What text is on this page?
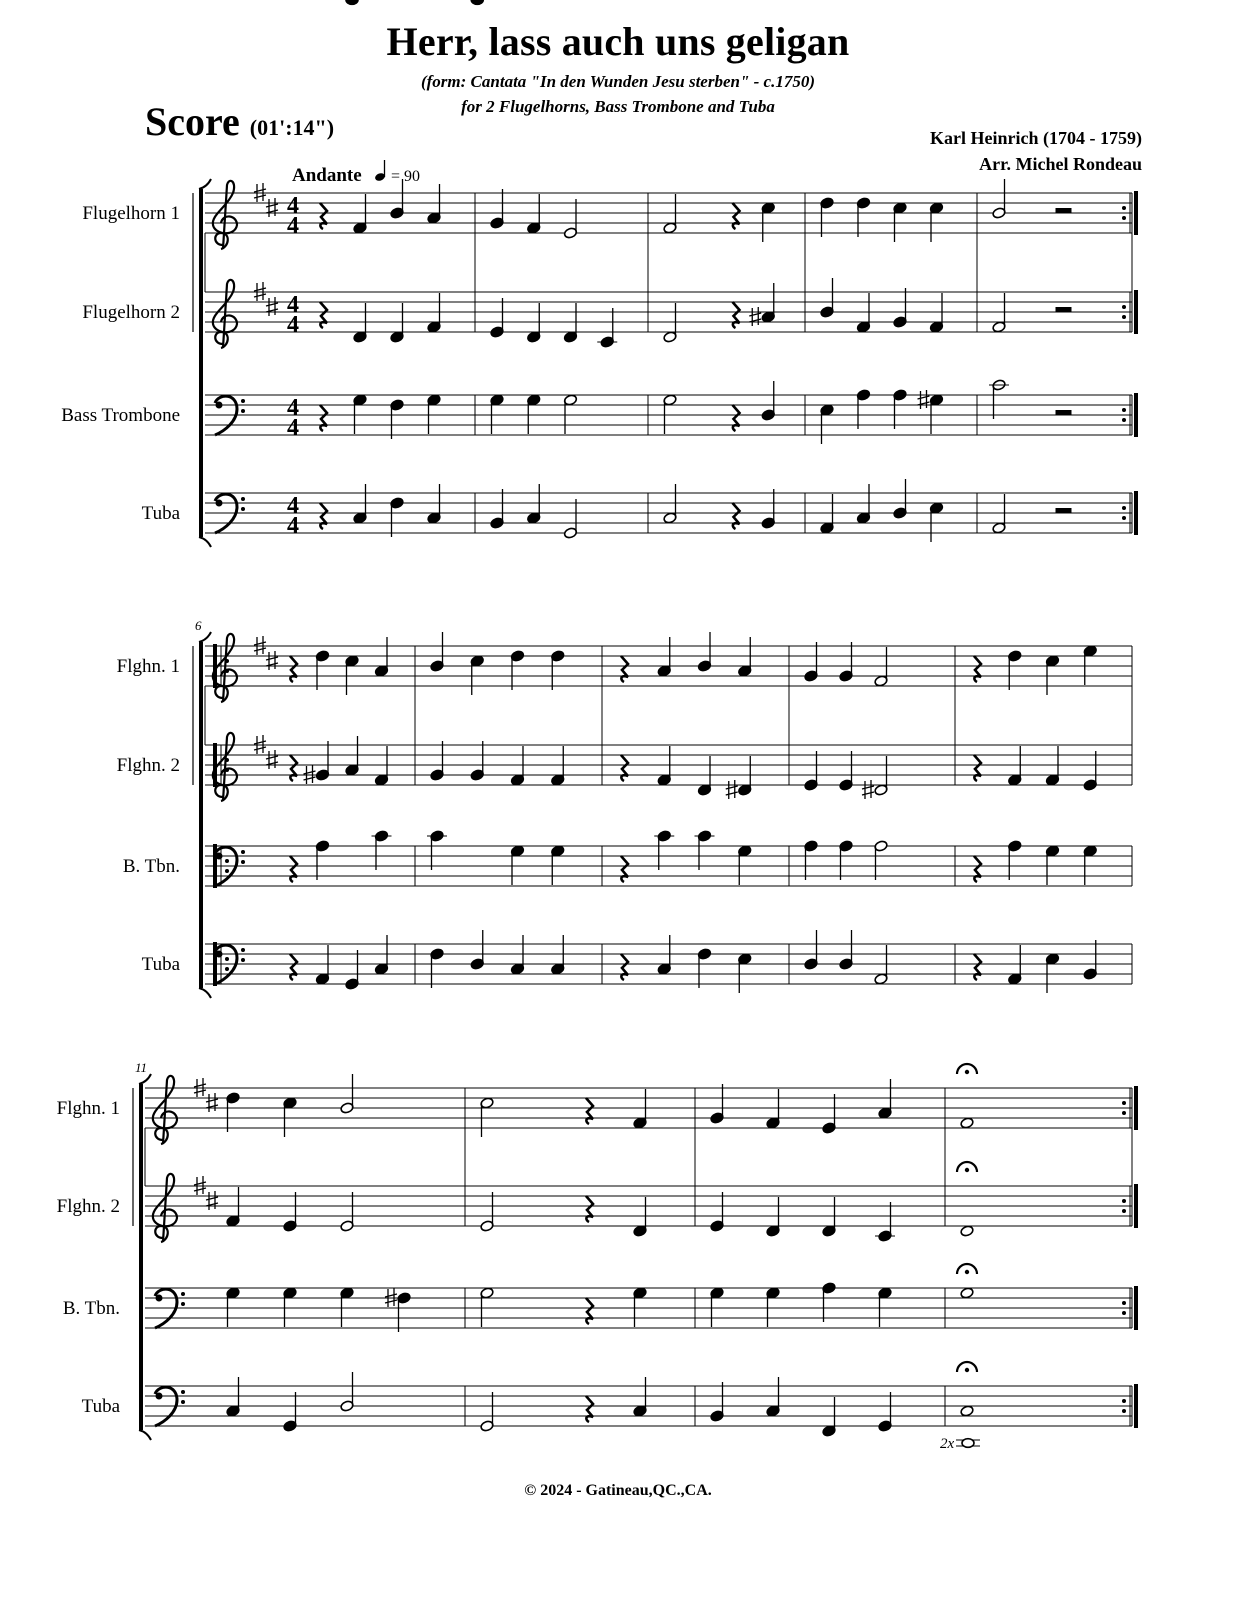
Herr, lass auch uns geligan
(form: Cantata "In den Wunden Jesu sterben" - c.1750)
for 2 Flugelhorns, Bass Trombone and Tuba
Score (01':14")	Karl Heinrich (1704 - 1759)
Arr. Michel Rondeau
Flugelhorn 1	4
4
Flugelhorn 2	4
4
Bass Trombone	4
4
Tuba	4
4
Flghn. 1
Flghn. 2
B. Tbn.
Tuba
6
Flghn. 1
Flghn. 2
B. Tbn.
Tuba
11
Andante = 90
2x
© 2024 - Gatineau,QC.,CA.
